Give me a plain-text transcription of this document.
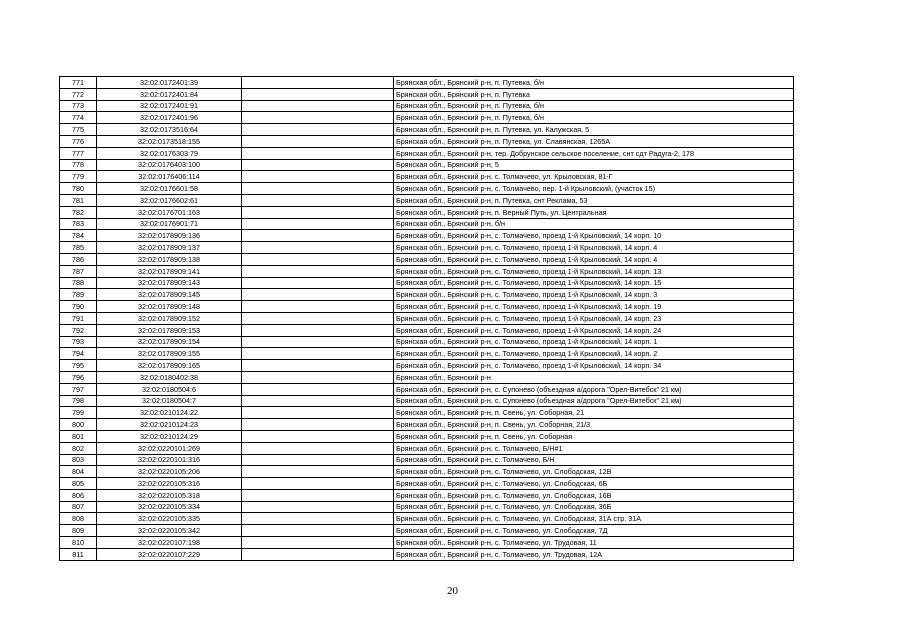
771	32:02:0172401:39		Брянская обл., Брянский р-н, п. Путевка, б/н
772	32:02:0172401:84		Брянская обл., Брянский р-н, п. Путевка
773	32:02:0172401:91		Брянская обл., Брянский р-н, п. Путевка, б/н
774	32:02:0172401:96		Брянская обл., Брянский р-н, п. Путевка, б/н
775	32:02:0173516:64		Брянская обл., Брянский р-н, п. Путевка, ул. Калужская, 5
776	32:02:0173518:155		Брянская обл., Брянский р-н, п. Путевка, ул. Славянская, 1265А
777	32:02:0176303:79		Брянская обл., Брянский р-н, тер. Добрунское сельское поселение, снт сдт Радуга-2, 178
778	32:02:0176403:100		Брянская обл., Брянский р-н, 5
779	32:02:0176406:114		Брянская обл., Брянский р-н, с. Толмачево, ул. Крыловская, 81-Г
780	32:02:0176601:58		Брянская обл., Брянский р-н, с. Толмачево, пер. 1-й Крыловский, (участок 15)
781	32:02:0176602:61		Брянская обл., Брянский р-н, п. Путевка, снт Реклама, 53
782	32:02:0176701:163		Брянская обл., Брянский р-н, п. Верный Путь, ул. Центральная
783	32:02:0176901:71		Брянская обл., Брянский р-н, б/н
784	32:02:0178909:136		Брянская обл., Брянский р-н, с. Толмачево, проезд 1-й Крыловский, 14 корп. 10
785	32:02:0178909:137		Брянская обл., Брянский р-н, с. Толмачево, проезд 1-й Крыловский, 14 корп. 4
786	32:02:0178909:138		Брянская обл., Брянский р-н, с. Толмачево, проезд 1-й Крыловский, 14 корп. 4
787	32:02:0178909:141		Брянская обл., Брянский р-н, с. Толмачево, проезд 1-й Крыловский, 14 корп. 13
788	32:02:0178909:143		Брянская обл., Брянский р-н, с. Толмачево, проезд 1-й Крыловский, 14 корп. 15
789	32:02:0178909:145		Брянская обл., Брянский р-н, с. Толмачево, проезд 1-й Крыловский, 14 корп. 3
790	32:02:0178909:148		Брянская обл., Брянский р-н, с. Толмачево, проезд 1-й Крыловский, 14 корп. 19
791	32:02:0178909:152		Брянская обл., Брянский р-н, с. Толмачево, проезд 1-й Крыловский, 14 корп. 23
792	32:02:0178909:153		Брянская обл., Брянский р-н, с. Толмачево, проезд 1-й Крыловский, 14 корп. 24
793	32:02:0178909:154		Брянская обл., Брянский р-н, с. Толмачево, проезд 1-й Крыловский, 14 корп. 1
794	32:02:0178909:155		Брянская обл., Брянский р-н, с. Толмачево, проезд 1-й Крыловский, 14 корп. 2
795	32:02:0178909:165		Брянская обл., Брянский р-н, с. Толмачево, проезд 1-й Крыловский, 14 корп. 34
796	32:02:0180402:38		Брянская обл., Брянский р-н
797	32:02:0180504:6		Брянская обл., Брянский р-н, с. Супонево (объездная а/дорога "Орел-Витебск" 21 км)
798	32:02:0180504:7		Брянская обл., Брянский р-н, с. Супонево (объездная а/дорога "Орел-Витебск" 21 км)
799	32:02:0210124:22		Брянская обл., Брянский р-н, п. Свень, ул. Соборная, 21
800	32:02:0210124:23		Брянская обл., Брянский р-н, п. Свень, ул. Соборная, 21/3
801	32:02:0210124:29		Брянская обл., Брянский р-н, п. Свень, ул. Соборная
802	32:02:0220101:269		Брянская обл., Брянский р-н, с. Толмачево, Б/Н#1
803	32:02:0220101:316		Брянская обл., Брянский р-н, с. Толмачево, Б/Н
804	32:02:0220105:206		Брянская обл., Брянский р-н, с. Толмачево, ул. Слободская, 12В
805	32:02:0220105:316		Брянская обл., Брянский р-н, с. Толмачево, ул. Слободская, 6Б
806	32:02:0220105:318		Брянская обл., Брянский р-н, с. Толмачево, ул. Слободская, 16В
807	32:02:0220105:334		Брянская обл., Брянский р-н, с. Толмачево, ул. Слободская, 36Б
808	32:02:0220105:335		Брянская обл., Брянский р-н, с. Толмачево, ул. Слободская, 31А стр. 31А
809	32:02:0220105:342		Брянская обл., Брянский р-н, с. Толмачево, ул. Слободская, 7Д
810	32:02:0220107:198		Брянская обл., Брянский р-н, с. Толмачево, ул. Трудовая, 11
811	32:02:0220107:229		Брянская обл., Брянский р-н, с. Толмачево, ул. Трудовая, 12А
20
